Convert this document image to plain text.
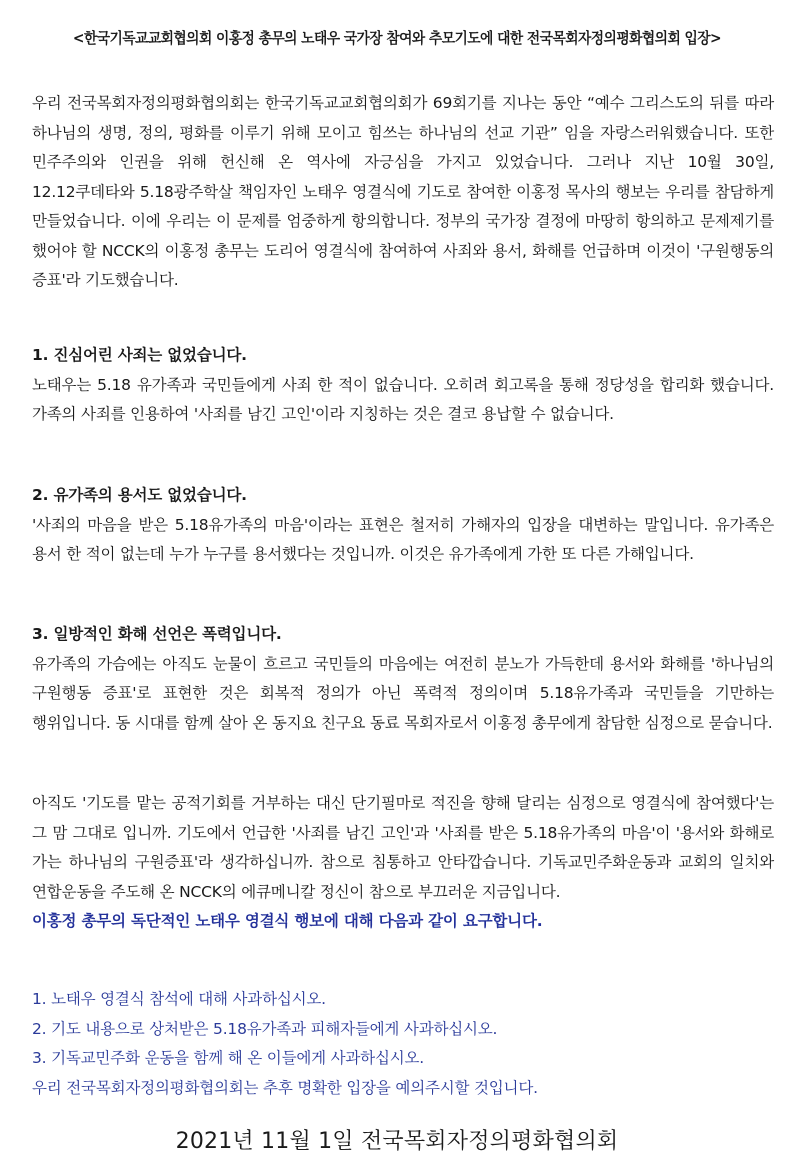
<한국기독교교회협의회 이홍정 총무의 노태우 국가장 참여와 추모기도에 대한 전국목회자정의평화협의회 입장>
우리 전국목회자정의평화협의회는 한국기독교교회협의회가 69회기를 지나는 동안 “예수 그리스도의 뒤를 따라 하나님의 생명, 정의, 평화를 이루기 위해 모이고 힘쓰는 하나님의 선교 기관” 임을 자랑스러워했습니다. 또한 민주주의와 인권을 위해 헌신해 온 역사에 자긍심을 가지고 있었습니다. 그러나 지난 10월 30일, 12.12쿠데타와 5.18광주학살 책임자인 노태우 영결식에 기도로 참여한 이홍정 목사의 행보는 우리를 참담하게 만들었습니다. 이에 우리는 이 문제를 엄중하게 항의합니다. 정부의 국가장 결정에 마땅히 항의하고 문제제기를 했어야 할 NCCK의 이홍정 총무는 도리어 영결식에 참여하여 사죄와 용서, 화해를 언급하며 이것이 '구원행동의 증표'라 기도했습니다.
1. 진심어린 사죄는 없었습니다.
노태우는 5.18 유가족과 국민들에게 사죄 한 적이 없습니다. 오히려 회고록을 통해 정당성을 합리화 했습니다. 가족의 사죄를 인용하여 '사죄를 남긴 고인'이라 지칭하는 것은 결코 용납할 수 없습니다.
2. 유가족의 용서도 없었습니다.
'사죄의 마음을 받은 5.18유가족의 마음'이라는 표현은 철저히 가해자의 입장을 대변하는 말입니다. 유가족은 용서 한 적이 없는데 누가 누구를 용서했다는 것입니까. 이것은 유가족에게 가한 또 다른 가해입니다.
3. 일방적인 화해 선언은 폭력입니다.
유가족의 가슴에는 아직도 눈물이 흐르고 국민들의 마음에는 여전히 분노가 가득한데 용서와 화해를 '하나님의 구원행동 증표'로 표현한 것은 회복적 정의가 아닌 폭력적 정의이며 5.18유가족과 국민들을 기만하는 행위입니다. 동 시대를 함께 살아 온 동지요 친구요 동료 목회자로서 이홍정 총무에게 참담한 심정으로 묻습니다.
아직도 '기도를 맡는 공적기회를 거부하는 대신 단기필마로 적진을 향해 달리는 심정으로 영결식에 참여했다'는 그 맘 그대로 입니까. 기도에서 언급한 '사죄를 남긴 고인'과 '사죄를 받은 5.18유가족의 마음'이 '용서와 화해로 가는 하나님의 구원증표'라 생각하십니까. 참으로 침통하고 안타깝습니다. 기독교민주화운동과 교회의 일치와 연합운동을 주도해 온 NCCK의 에큐메니칼 정신이 참으로 부끄러운 지금입니다.
이홍정 총무의 독단적인 노태우 영결식 행보에 대해 다음과 같이 요구합니다.
1. 노태우 영결식 참석에 대해 사과하십시오.
2. 기도 내용으로 상처받은 5.18유가족과 피해자들에게 사과하십시오.
3. 기독교민주화 운동을 함께 해 온 이들에게 사과하십시오.
우리 전국목회자정의평화협의회는 추후 명확한 입장을 예의주시할 것입니다.
2021년 11월 1일 전국목회자정의평화협의회
